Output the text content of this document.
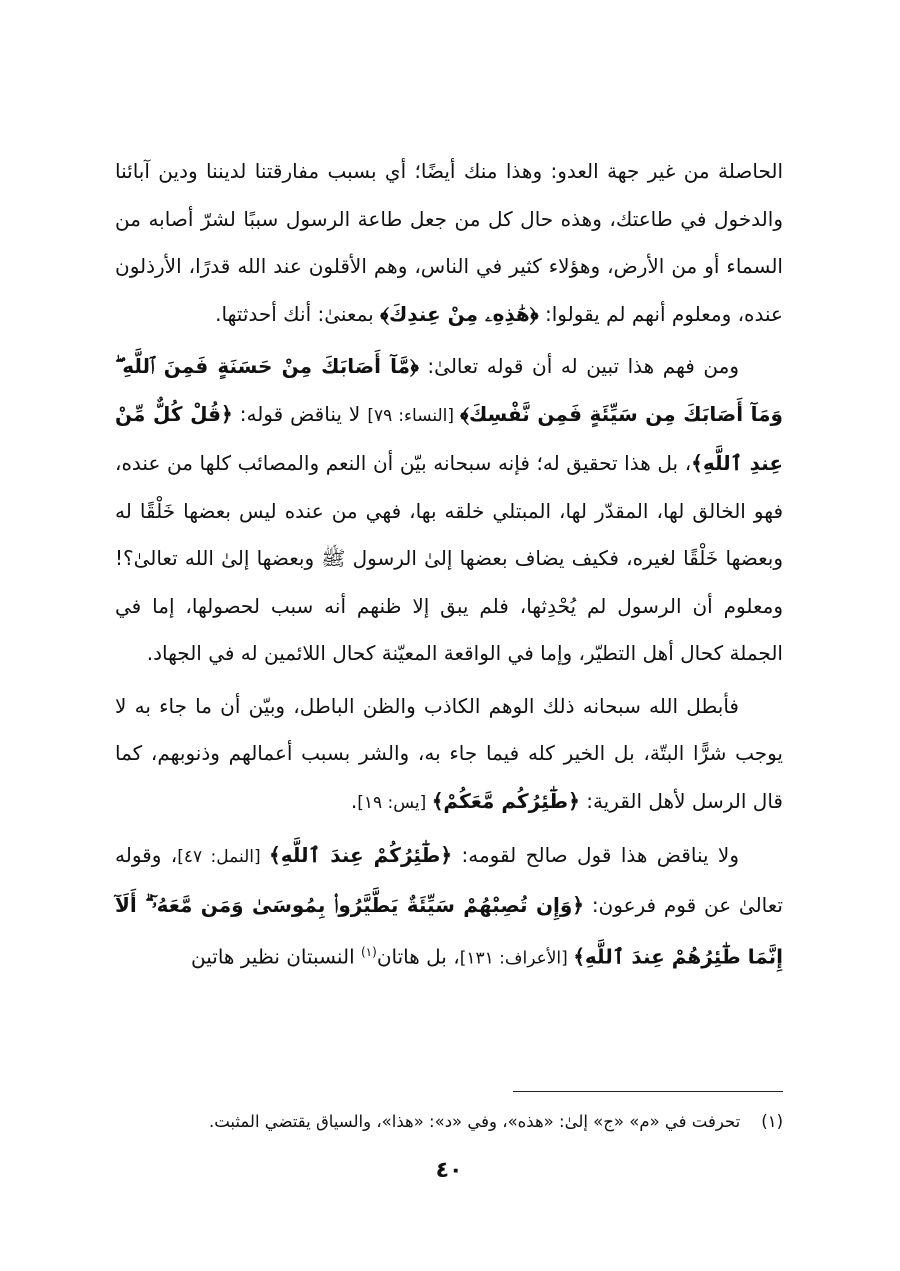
الحاصلة من غير جهة العدو: وهذا منك أيضًا؛ أي بسبب مفارقتنا لديننا ودين آبائنا والدخول في طاعتك، وهذه حال كل من جعل طاعة الرسول سببًا لشرّ أصابه من السماء أو من الأرض، وهؤلاء كثير في الناس، وهم الأقلون عند الله قدرًا، الأرذلون عنده، ومعلوم أنهم لم يقولوا: ﴿هَٰذِهِۦ مِنْ عِندِكَ﴾ بمعنىٰ: أنك أحدثتها.

ومن فهم هذا تبين له أن قوله تعالىٰ: ﴿مَّآ أَصَابَكَ مِنْ حَسَنَةٍ فَمِنَ ٱللَّهِ ۖ وَمَآ أَصَابَكَ مِن سَيِّئَةٍ فَمِن نَّفْسِكَ﴾ [النساء: ٧٩] لا يناقض قوله: ﴿قُلْ كُلٌّ مِّنْ عِندِ ٱللَّهِ﴾، بل هذا تحقيق له؛ فإنه سبحانه بيّن أن النعم والمصائب كلها من عنده، فهو الخالق لها، المقدّر لها، المبتلي خلقه بها، فهي من عنده ليس بعضها خَلْقًا له وبعضها خَلْقًا لغيره، فكيف يضاف بعضها إلىٰ الرسول ﷺ وبعضها إلىٰ الله تعالىٰ؟! ومعلوم أن الرسول لم يُحْدِثها، فلم يبق إلا ظنهم أنه سبب لحصولها، إما في الجملة كحال أهل التطيّر، وإما في الواقعة المعيّنة كحال اللائمين له في الجهاد.

فأبطل الله سبحانه ذلك الوهم الكاذب والظن الباطل، وبيّن أن ما جاء به لا يوجب شرًّا البتّة، بل الخير كله فيما جاء به، والشر بسبب أعمالهم وذنوبهم، كما قال الرسل لأهل القرية: ﴿طَٰٓئِرُكُم مَّعَكُمْ﴾ [يس: ١٩].

ولا يناقض هذا قول صالح لقومه: ﴿طَٰٓئِرُكُمْ عِندَ ٱللَّهِ﴾ [النمل: ٤٧]، وقوله تعالىٰ عن قوم فرعون: ﴿وَإِن تُصِبْهُمْ سَيِّئَةٌ يَطَّيَّرُوا۟ بِمُوسَىٰ وَمَن مَّعَهُۥٓ ۗ أَلَآ إِنَّمَا طَٰٓئِرُهُمْ عِندَ ٱللَّهِ﴾ [الأعراف: ١٣١]، بل هاتان$^{(١)}$ النسبتان نظير هاتين

(١)    تحرفت في «م» «ج» إلىٰ: «هذه»، وفي «د»: «هذا»، والسياق يقتضي المثبت.
٤٠
